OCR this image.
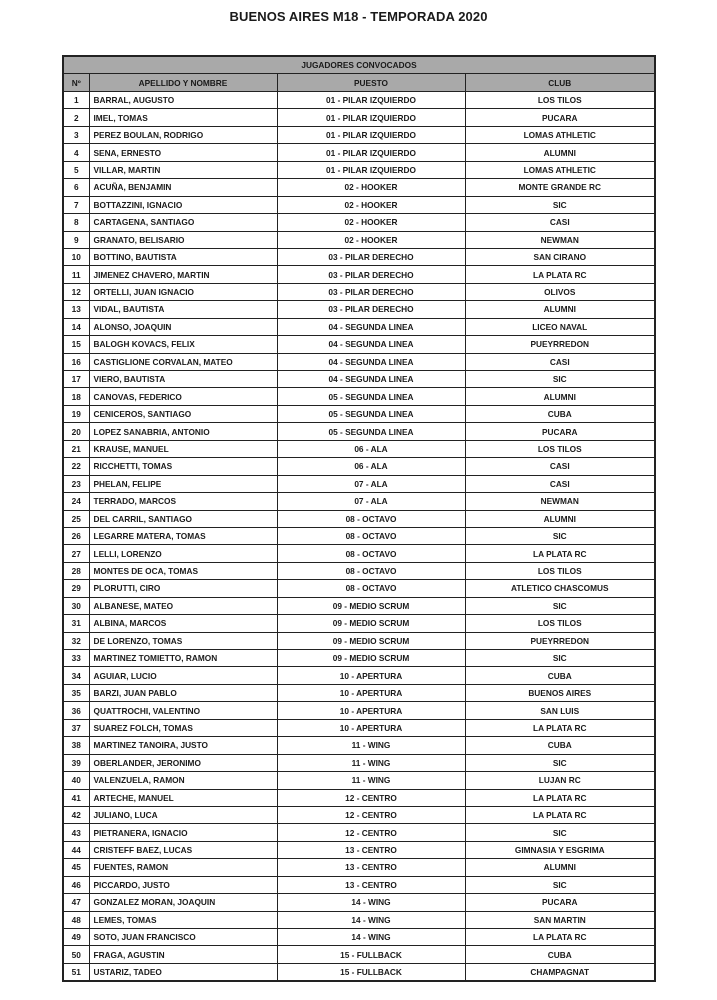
BUENOS AIRES M18 - TEMPORADA 2020
JUGADORES CONVOCADOS			
Nº	APELLIDO Y NOMBRE	PUESTO	CLUB
1	BARRAL, AUGUSTO	01 - PILAR IZQUIERDO	LOS TILOS
2	IMEL, TOMAS	01 - PILAR IZQUIERDO	PUCARA
3	PEREZ BOULAN, RODRIGO	01 - PILAR IZQUIERDO	LOMAS ATHLETIC
4	SENA, ERNESTO	01 - PILAR IZQUIERDO	ALUMNI
5	VILLAR, MARTIN	01 - PILAR IZQUIERDO	LOMAS ATHLETIC
6	ACUÑA, BENJAMIN	02 - HOOKER	MONTE GRANDE RC
7	BOTTAZZINI, IGNACIO	02 - HOOKER	SIC
8	CARTAGENA, SANTIAGO	02 - HOOKER	CASI
9	GRANATO, BELISARIO	02 - HOOKER	NEWMAN
10	BOTTINO, BAUTISTA	03 - PILAR DERECHO	SAN CIRANO
11	JIMENEZ CHAVERO, MARTIN	03 - PILAR DERECHO	LA PLATA RC
12	ORTELLI, JUAN IGNACIO	03 - PILAR DERECHO	OLIVOS
13	VIDAL, BAUTISTA	03 - PILAR DERECHO	ALUMNI
14	ALONSO, JOAQUIN	04 - SEGUNDA LINEA	LICEO NAVAL
15	BALOGH KOVACS, FELIX	04 - SEGUNDA LINEA	PUEYRREDON
16	CASTIGLIONE CORVALAN, MATEO	04 - SEGUNDA LINEA	CASI
17	VIERO, BAUTISTA	04 - SEGUNDA LINEA	SIC
18	CANOVAS, FEDERICO	05 - SEGUNDA LINEA	ALUMNI
19	CENICEROS, SANTIAGO	05 - SEGUNDA LINEA	CUBA
20	LOPEZ SANABRIA, ANTONIO	05 - SEGUNDA LINEA	PUCARA
21	KRAUSE, MANUEL	06 - ALA	LOS TILOS
22	RICCHETTI, TOMAS	06 - ALA	CASI
23	PHELAN, FELIPE	07 - ALA	CASI
24	TERRADO, MARCOS	07 - ALA	NEWMAN
25	DEL CARRIL, SANTIAGO	08 - OCTAVO	ALUMNI
26	LEGARRE MATERA, TOMAS	08 - OCTAVO	SIC
27	LELLI, LORENZO	08 - OCTAVO	LA PLATA RC
28	MONTES DE OCA, TOMAS	08 - OCTAVO	LOS TILOS
29	PLORUTTI, CIRO	08 - OCTAVO	ATLETICO CHASCOMUS
30	ALBANESE, MATEO	09 - MEDIO SCRUM	SIC
31	ALBINA, MARCOS	09 - MEDIO SCRUM	LOS TILOS
32	DE LORENZO, TOMAS	09 - MEDIO SCRUM	PUEYRREDON
33	MARTINEZ TOMIETTO, RAMON	09 - MEDIO SCRUM	SIC
34	AGUIAR, LUCIO	10 - APERTURA	CUBA
35	BARZI, JUAN PABLO	10 - APERTURA	BUENOS AIRES
36	QUATTROCHI, VALENTINO	10 - APERTURA	SAN LUIS
37	SUAREZ FOLCH, TOMAS	10 - APERTURA	LA PLATA RC
38	MARTINEZ TANOIRA, JUSTO	11 - WING	CUBA
39	OBERLANDER, JERONIMO	11 - WING	SIC
40	VALENZUELA, RAMON	11 - WING	LUJAN RC
41	ARTECHE, MANUEL	12 - CENTRO	LA PLATA RC
42	JULIANO, LUCA	12 - CENTRO	LA PLATA RC
43	PIETRANERA, IGNACIO	12 - CENTRO	SIC
44	CRISTEFF BAEZ, LUCAS	13 - CENTRO	GIMNASIA Y ESGRIMA
45	FUENTES, RAMON	13 - CENTRO	ALUMNI
46	PICCARDO, JUSTO	13 - CENTRO	SIC
47	GONZALEZ MORAN, JOAQUIN	14 - WING	PUCARA
48	LEMES, TOMAS	14 - WING	SAN MARTIN
49	SOTO, JUAN FRANCISCO	14 - WING	LA PLATA RC
50	FRAGA, AGUSTIN	15 - FULLBACK	CUBA
51	USTARIZ, TADEO	15 - FULLBACK	CHAMPAGNAT
